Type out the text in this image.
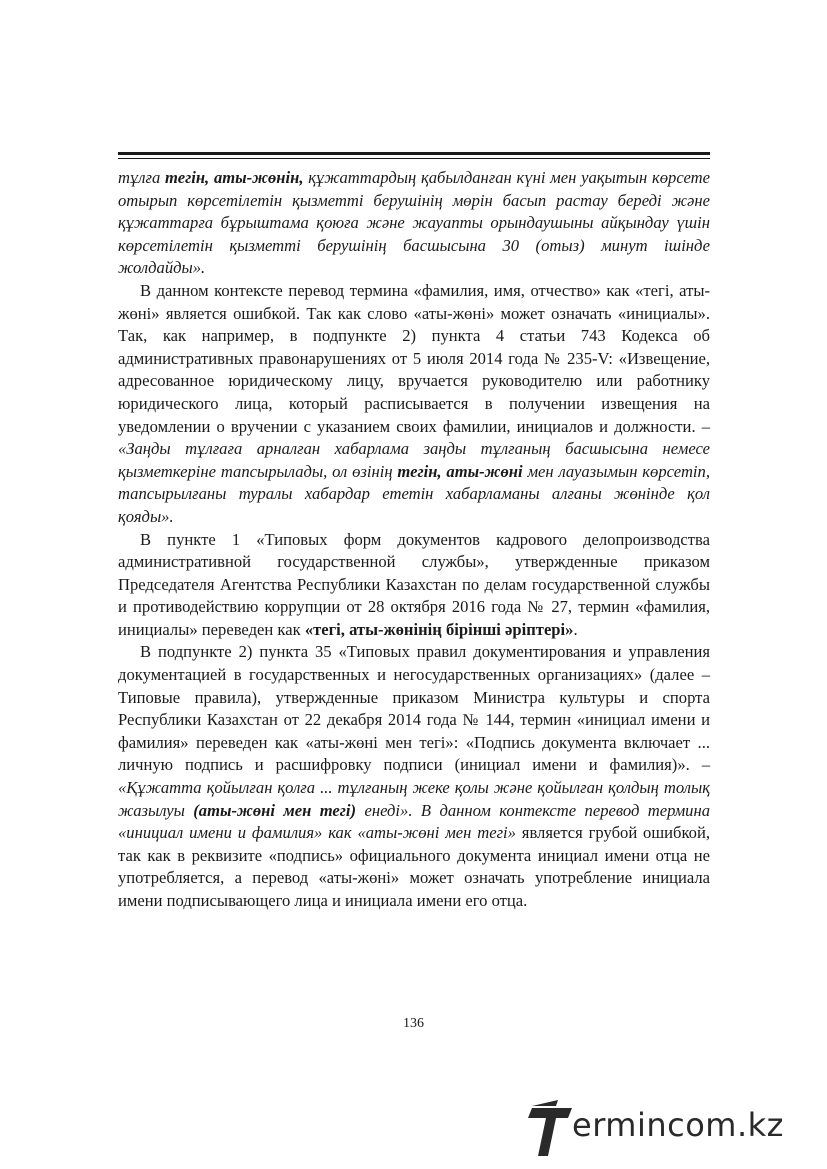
тұлға тегін, аты-жөнін, құжаттардың қабылданған күні мен уақытын көрсете отырып көрсетілетін қызметті берушінің мөрін басып растау береді және құжаттарға бұрыштама қоюға және жауапты орындаушыны айқындау үшін көрсетілетін қызметті берушінің басшысына 30 (отыз) минут ішінде жолдайды».

В данном контексте перевод термина «фамилия, имя, отчество» как «тегі, аты-жөні» является ошибкой. Так как слово «аты-жөні» может означать «инициалы». Так, как например, в подпункте 2) пункта 4 статьи 743 Кодекса об административных правонарушениях от 5 июля 2014 года № 235-V: «Извещение, адресованное юридическому лицу, вручается руководителю или работнику юридического лица, который расписывается в получении извещения на уведомлении о вручении с указанием своих фамилии, инициалов и должности. – «Заңды тұлғаға арналған хабарлама заңды тұлғаның басшысына немесе қызметкеріне тапсырылады, ол өзінің тегін, аты-жөні мен лауазымын көрсетіп, тапсырылғаны туралы хабардар ететін хабарламаны алғаны жөнінде қол қояды».

В пункте 1 «Типовых форм документов кадрового делопроизводства административной государственной службы», утвержденные приказом Председателя Агентства Республики Казахстан по делам государственной службы и противодействию коррупции от 28 октября 2016 года № 27, термин «фамилия, инициалы» переведен как «тегі, аты-жөнінің бірінші әріптері».

В подпункте 2) пункта 35 «Типовых правил документирования и управления документацией в государственных и негосударственных организациях» (далее – Типовые правила), утвержденные приказом Министра культуры и спорта Республики Казахстан от 22 декабря 2014 года № 144, термин «инициал имени и фамилия» переведен как «аты-жөні мен тегі»: «Подпись документа включает ... личную подпись и расшифровку подписи (инициал имени и фамилия)». – «Құжатта қойылған қолға ... тұлғаның жеке қолы және қойылған қолдың толық жазылуы (аты-жөні мен тегі) енеді». В данном контексте перевод термина «инициал имени и фамилия» как «аты-жөні мен тегі» является грубой ошибкой, так как в реквизите «подпись» официального документа инициал имени отца не употребляется, а перевод «аты-жөні» может означать употребление инициала имени подписывающего лица и инициала имени его отца.

136
ermincom.kz
